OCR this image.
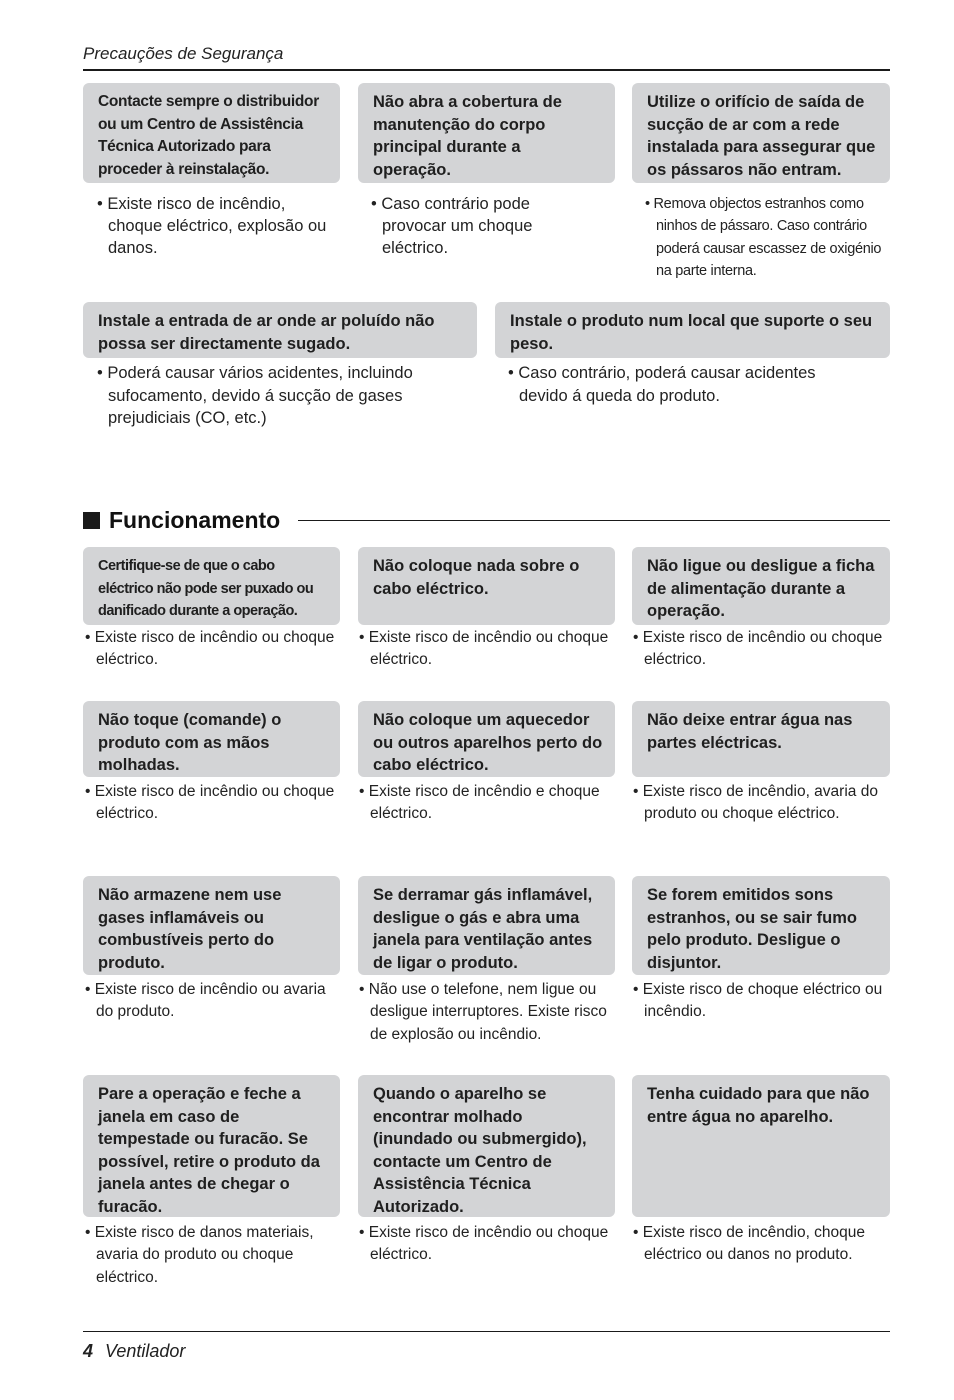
Precauções de Segurança
Contacte sempre o distribuidor ou um Centro de Assistência Técnica Autorizado para proceder à reinstalação.
• Existe risco de incêndio, choque eléctrico, explosão ou danos.
Não abra a cobertura de manutenção do corpo principal durante a operação.
• Caso contrário pode provocar um choque eléctrico.
Utilize o orifício de saída de sucção de ar com a rede instalada para assegurar que os pássaros não entram.
• Remova objectos estranhos como ninhos de pássaro. Caso contrário poderá causar escassez de oxigénio na parte interna.
Instale a entrada de ar onde ar poluído não possa ser directamente sugado.
• Poderá causar vários acidentes, incluindo sufocamento, devido á sucção de gases prejudiciais (CO, etc.)
Instale o produto num local que suporte o seu peso.
• Caso contrário, poderá causar acidentes devido á queda do produto.
Funcionamento
Certifique-se de que o cabo eléctrico não pode ser puxado ou danificado durante a operação.
• Existe risco de incêndio ou choque eléctrico.
Não coloque nada sobre o cabo eléctrico.
• Existe risco de incêndio ou choque eléctrico.
Não ligue ou desligue a ficha de alimentação durante a operação.
• Existe risco de incêndio ou choque eléctrico.
Não toque (comande) o produto com as mãos molhadas.
• Existe risco de incêndio ou choque eléctrico.
Não coloque um aquecedor ou outros aparelhos perto do cabo eléctrico.
• Existe risco de incêndio e choque eléctrico.
Não deixe entrar água nas partes eléctricas.
• Existe risco de incêndio, avaria do produto ou choque eléctrico.
Não armazene nem use gases inflamáveis ou combustíveis perto do produto.
• Existe risco de incêndio ou avaria do produto.
Se derramar gás inflamável, desligue o gás e abra uma janela para ventilação antes de ligar o produto.
• Não use o telefone, nem ligue ou desligue interruptores. Existe risco de explosão ou incêndio.
Se forem emitidos sons estranhos, ou se sair fumo pelo produto. Desligue o disjuntor.
• Existe risco de choque eléctrico ou incêndio.
Pare a operação e feche a janela em caso de tempestade ou furacão. Se possível, retire o produto da janela antes de chegar o furacão.
• Existe risco de danos materiais, avaria do produto ou choque eléctrico.
Quando o aparelho se encontrar molhado (inundado ou submergido), contacte um Centro de Assistência Técnica Autorizado.
• Existe risco de incêndio ou choque eléctrico.
Tenha cuidado para que não entre água no aparelho.
• Existe risco de incêndio, choque eléctrico ou danos no produto.
4 Ventilador
